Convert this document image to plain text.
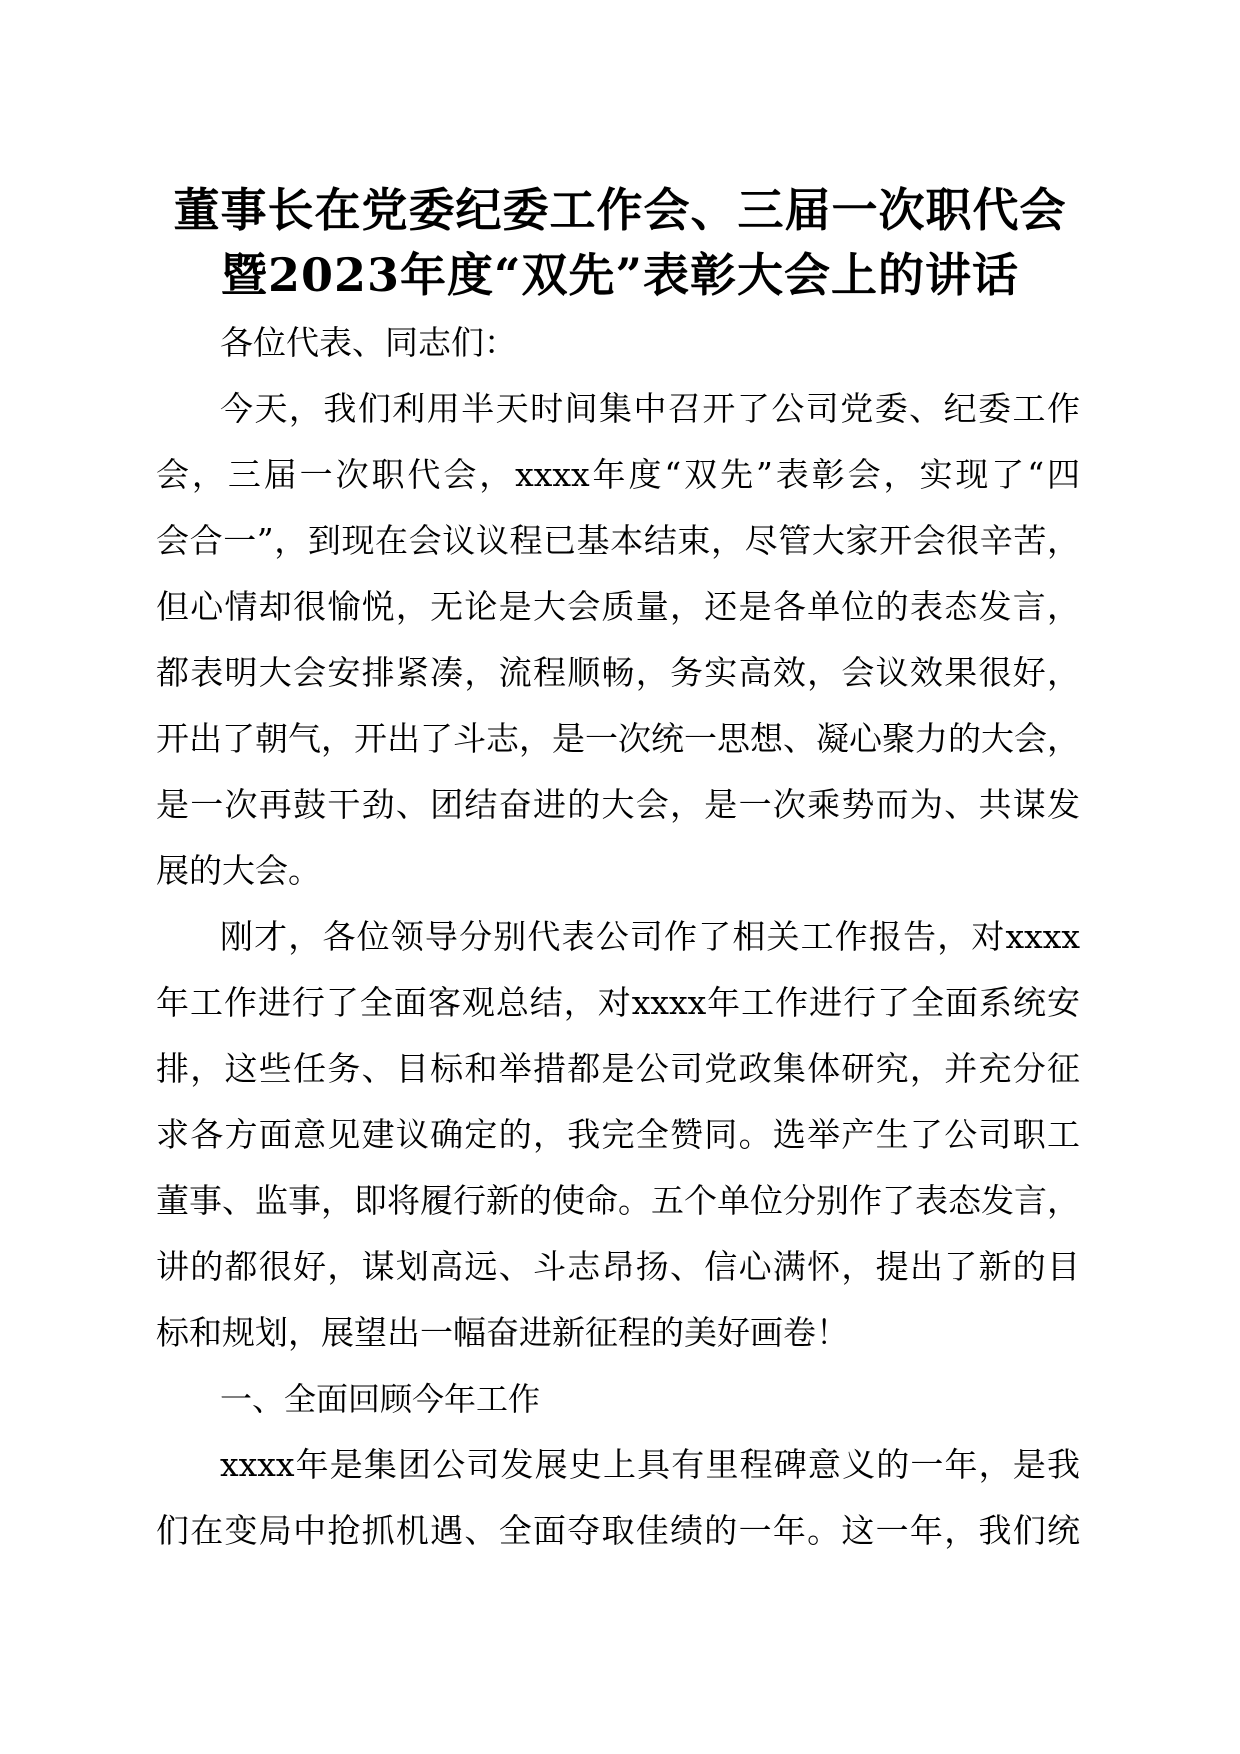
董事长在党委纪委工作会、三届一次职代会
暨2023年度“双先”表彰大会上的讲话
各位代表、同志们：
今天，我们利用半天时间集中召开了公司党委、纪委工作
会，三届一次职代会，xxxx年度“双先”表彰会，实现了“四
会合一”，到现在会议议程已基本结束，尽管大家开会很辛苦，
但心情却很愉悦，无论是大会质量，还是各单位的表态发言，
都表明大会安排紧凑，流程顺畅，务实高效，会议效果很好，
开出了朝气，开出了斗志，是一次统一思想、凝心聚力的大会，
是一次再鼓干劲、团结奋进的大会，是一次乘势而为、共谋发
展的大会。
刚才，各位领导分别代表公司作了相关工作报告，对xxxx
年工作进行了全面客观总结，对xxxx年工作进行了全面系统安
排，这些任务、目标和举措都是公司党政集体研究，并充分征
求各方面意见建议确定的，我完全赞同。选举产生了公司职工
董事、监事，即将履行新的使命。五个单位分别作了表态发言，
讲的都很好，谋划高远、斗志昂扬、信心满怀，提出了新的目
标和规划，展望出一幅奋进新征程的美好画卷！
一、全面回顾今年工作
xxxx年是集团公司发展史上具有里程碑意义的一年，是我
们在变局中抢抓机遇、全面夺取佳绩的一年。这一年，我们统
